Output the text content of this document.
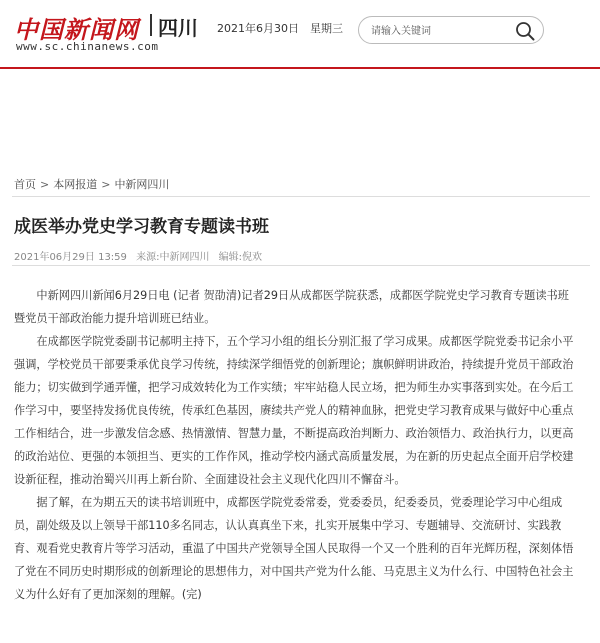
中国新闻网 四川
www.sc.chinanews.com
2021年6月30日　星期三
请输入关键词
首页 > 本网报道 > 中新网四川
成医举办党史学习教育专题读书班
2021年06月29日 13:59 来源:中新网四川 编辑:倪欢

中新网四川新闻6月29日电 (记者 贺劭清)记者29日从成都医学院获悉，成都医学院党史学习教育专题读书班暨党员干部政治能力提升培训班已结业。

在成都医学院党委副书记郝明主持下，五个学习小组的组长分别汇报了学习成果。成都医学院党委书记余小平强调，学校党员干部要秉承优良学习传统，持续深学细悟党的创新理论；旗帜鲜明讲政治，持续提升党员干部政治能力；切实做到学通弄懂，把学习成效转化为工作实绩；牢牢站稳人民立场，把为师生办实事落到实处。在今后工作学习中，要坚持发扬优良传统，传承红色基因，赓续共产党人的精神血脉，把党史学习教育成果与做好中心重点工作相结合，进一步激发信念感、热情激情、智慧力量，不断提高政治判断力、政治领悟力、政治执行力，以更高的政治站位、更强的本领担当、更实的工作作风，推动学校内涵式高质量发展，为在新的历史起点全面开启学校建设新征程，推动治蜀兴川再上新台阶、全面建设社会主义现代化四川不懈奋斗。

据了解，在为期五天的读书培训班中，成都医学院党委常委，党委委员，纪委委员，党委理论学习中心组成员，副处级及以上领导干部110多名同志，认认真真坐下来，扎实开展集中学习、专题辅导、交流研讨、实践教育、观看党史教育片等学习活动，重温了中国共产党领导全国人民取得一个又一个胜利的百年光辉历程，深刻体悟了党在不同历史时期形成的创新理论的思想伟力，对中国共产党为什么能、马克思主义为什么行、中国特色社会主义为什么好有了更加深刻的理解。(完)
